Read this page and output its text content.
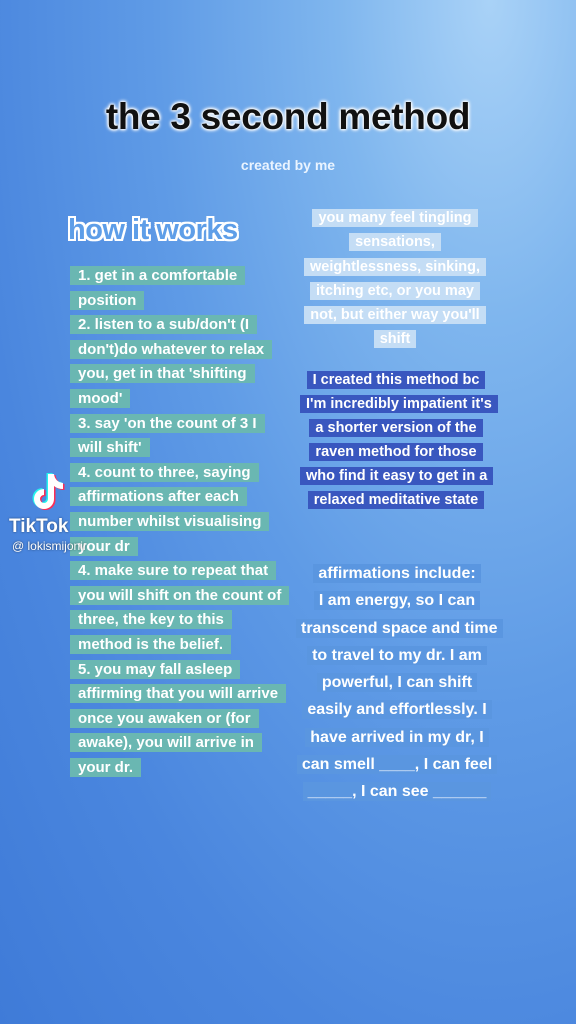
the 3 second method
created by me
how it works
1. get in a comfortable position
2. listen to a sub/don't (I don't)do whatever to relax you, get in that 'shifting mood'
3. say 'on the count of 3 I will shift'
4. count to three, saying affirmations after each number whilst visualising your dr
4. make sure to repeat that you will shift on the count of three, the key to this method is the belief.
5. you may fall asleep affirming that you will arrive once you awaken or (for awake), you will arrive in your dr.
you many feel tingling sensations, weightlessness, sinking, itching etc, or you may not, but either way you'll shift
I created this method bc I'm incredibly impatient it's a shorter version of the raven method for those who find it easy to get in a relaxed meditative state
affirmations include:
I am energy, so I can transcend space and time to travel to my dr. I am powerful, I can shift easily and effortlessly. I have arrived in my dr, I can smell ____, I can feel _____, I can see ______
TikTok
@ lokismijonir
